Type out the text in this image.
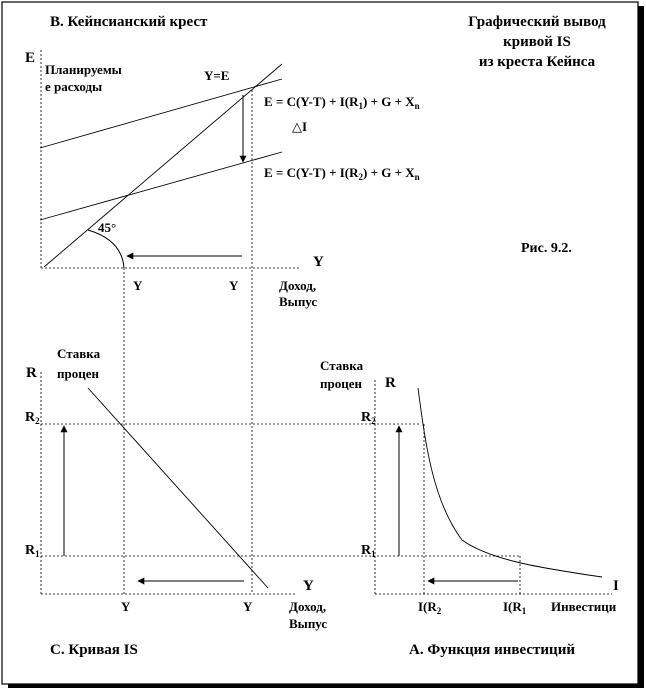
В. Кейнсианский крест
E
Планируемы
е расходы
Y=E
$E = C(Y-T) + I(R_1) + G + X_n$
△I
$E = C(Y-T) + I(R_2) + G + X_n$
45°
Y
Y	Y	Доход,
Выпус
Графический вывод
кривой IS
из креста Кейнса
Рис. 9.2.
R
Ставка
процен
$R_2$
$R_1$
Y
Y	Y	Доход,
Выпус
С. Кривая IS
Ставка
процен R
$R_2$
$R_1$
I
$I(R_2$	$I(R_1$ Инвестици
А. Функция инвестиций
